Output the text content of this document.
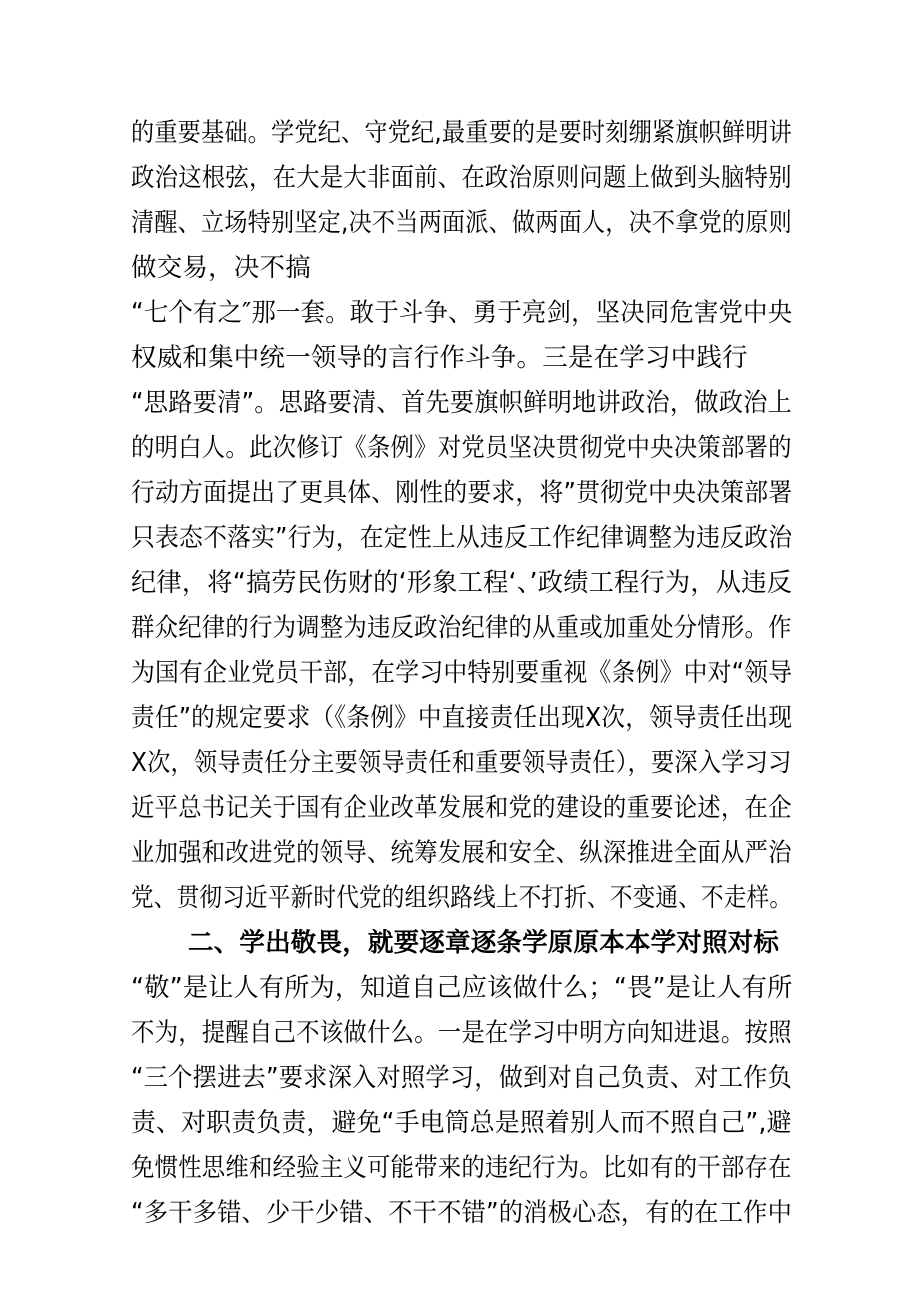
的重要基础。学党纪、守党纪,最重要的是要时刻绷紧旗帜鲜明讲
政治这根弦，在大是大非面前、在政治原则问题上做到头脑特别
清醒、立场特别坚定,决不当两面派、做两面人，决不拿党的原则
做交易，决不搞
“七个有之″那一套。敢于斗争、勇于亮剑，坚决同危害党中央
权威和集中统一领导的言行作斗争。三是在学习中践行
“思路要清”。思路要清、首先要旗帜鲜明地讲政治，做政治上
的明白人。此次修订《条例》对党员坚决贯彻党中央决策部署的
行动方面提出了更具体、刚性的要求，将”贯彻党中央决策部署
只表态不落实”行为，在定性上从违反工作纪律调整为违反政治
纪律，将“搞劳民伤财的‘形象工程‘、’政绩工程行为，从违反
群众纪律的行为调整为违反政治纪律的从重或加重处分情形。作
为国有企业党员干部，在学习中特别要重视《条例》中对“领导
责任”的规定要求（《条例》中直接责任出现X次，领导责任出现
X次，领导责任分主要领导责任和重要领导责任），要深入学习习
近平总书记关于国有企业改革发展和党的建设的重要论述，在企
业加强和改进党的领导、统筹发展和安全、纵深推进全面从严治
党、贯彻习近平新时代党的组织路线上不打折、不变通、不走样。
二、学出敬畏，就要逐章逐条学原原本本学对照对标
“敬”是让人有所为，知道自己应该做什么；“畏”是让人有所
不为，提醒自己不该做什么。一是在学习中明方向知进退。按照
“三个摆进去”要求深入对照学习，做到对自己负责、对工作负
责、对职责负责，避免“手电筒总是照着别人而不照自己”,避
免惯性思维和经验主义可能带来的违纪行为。比如有的干部存在
“多干多错、少干少错、不干不错”的消极心态，有的在工作中
